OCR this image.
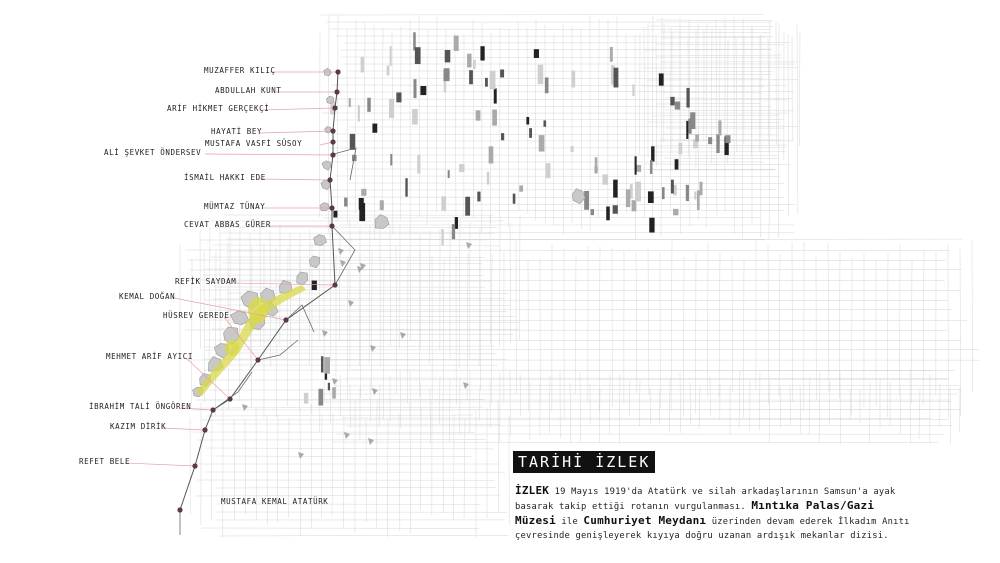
MUZAFFER KILIÇ
ABDULLAH KUNT
ARİF HİKMET GERÇEKÇİ
HAYATİ BEY
MUSTAFA VASFİ SÜSOY
ALİ ŞEVKET ÖNDERSEV
İSMAİL HAKKI EDE
MÜMTAZ TÜNAY
CEVAT ABBAS GÜRER
REFİK SAYDAM
KEMAL DOĞAN
HÜSREV GEREDE
MEHMET ARİF AYICI
İBRAHİM TALİ ÖNGÖREN
KAZIM DİRİK
REFET BELE
MUSTAFA KEMAL ATATÜRK
TARİHİ İZLEK
İZLEK 19 Mayıs 1919'da Atatürk ve silah arkadaşlarının Samsun'a ayak basarak takip ettiği rotanın vurgulanması. Mıntıka Palas/Gazi Müzesi ile Cumhuriyet Meydanı üzerinden devam ederek İlkadım Anıtı çevresinde genişleyerek kıyıya doğru uzanan ardışık mekanlar dizisi.
